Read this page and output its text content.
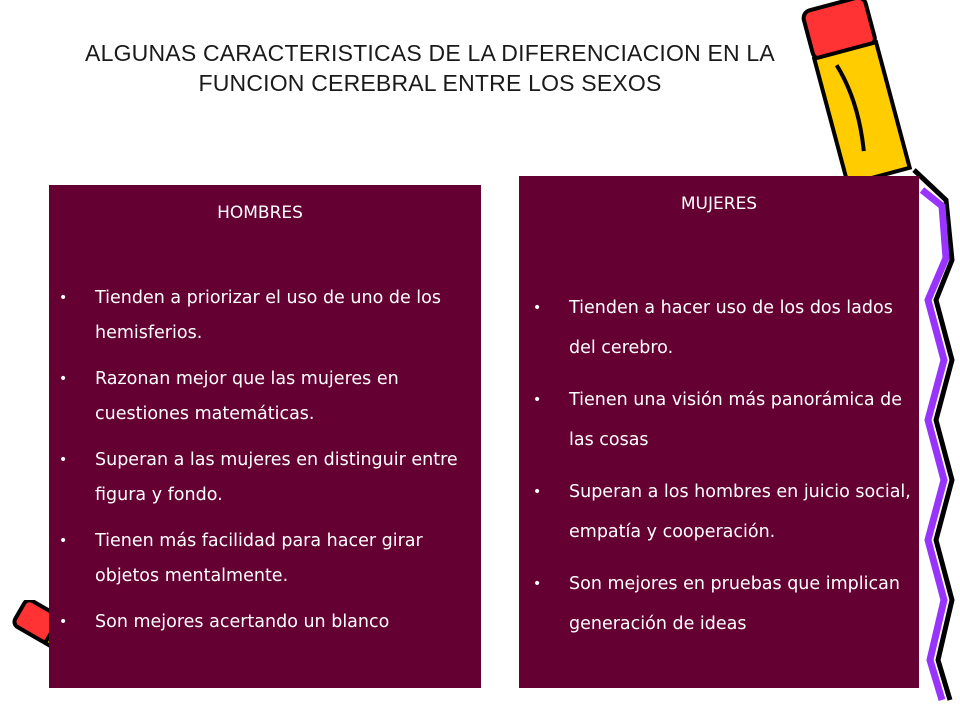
ALGUNAS CARACTERISTICAS DE LA DIFERENCIACION EN LA FUNCION CEREBRAL ENTRE LOS SEXOS
HOMBRES
• Tienden a priorizar el uso de uno de los hemisferios.
• Razonan mejor que las mujeres en cuestiones matemáticas.
• Superan a las mujeres en distinguir entre figura y fondo.
• Tienen más facilidad para hacer girar objetos mentalmente.
• Son mejores acertando un blanco
MUJERES
• Tienden a hacer uso de los dos lados del cerebro.
• Tienen una visión más panorámica de las cosas
• Superan a los hombres en juicio social, empatía y cooperación.
• Son mejores en pruebas que implican generación de ideas
